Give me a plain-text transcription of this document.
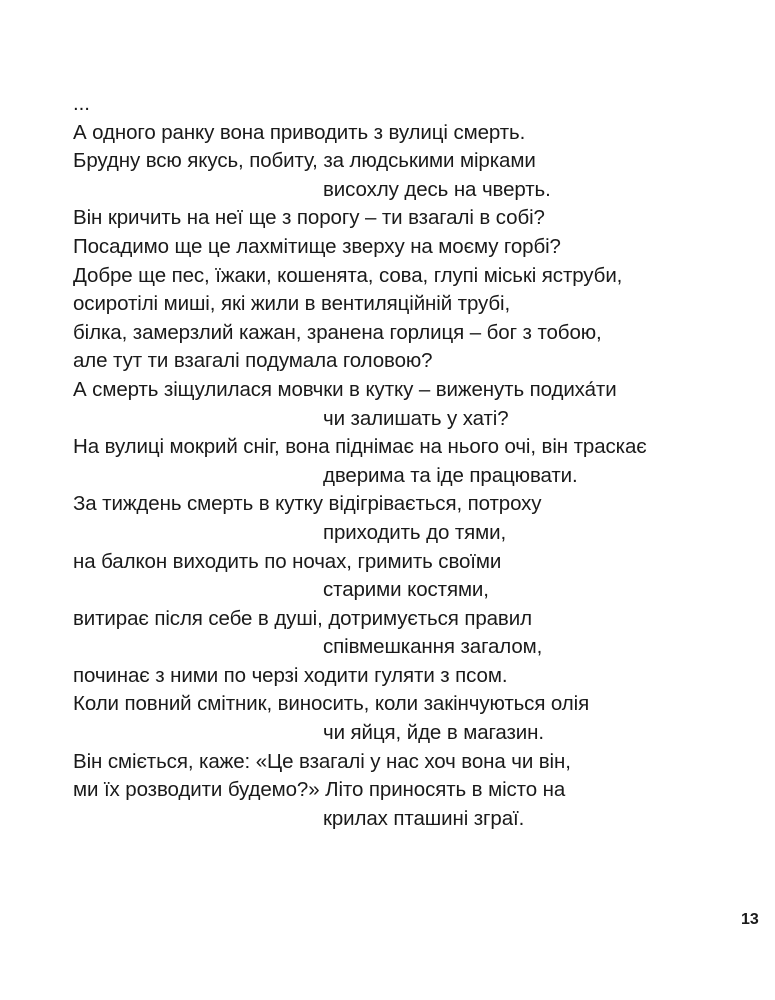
...
А одного ранку вона приводить з вулиці смерть.
Брудну всю якусь, побиту, за людськими мірками
висохлу десь на чверть.
Він кричить на неї ще з порогу – ти взагалі в собі?
Посадимо ще це лахмітище зверху на моєму горбі?
Добре ще пес, їжаки, кошенята, сова, глупі міські яструби,
осиротілі миші, які жили в вентиляційній трубі,
білка, замерзлий кажан, зранена горлиця – бог з тобою,
але тут ти взагалі подумала головою?
А смерть зіщулилася мовчки в кутку – виженуть подиха́ти
чи залишать у хаті?
На вулиці мокрий сніг, вона піднімає на нього очі, він трaскає
дверима та іде працювати.
За тиждень смерть в кутку відігрівається, потроху
приходить до тями,
на балкон виходить по ночах, гримить своїми
старими костями,
витирає після себе в душі, дотримується правил
співмешкання загалом,
починає з ними по черзі ходити гуляти з псом.
Коли повний смітник, виносить, коли закінчуються олія
чи яйця, йде в магазин.
Він сміється, каже: «Це взагалі у нас хоч вона чи він,
ми їх розводити будемо?» Літо приносять в місто на
крилах пташині зграї.
13
